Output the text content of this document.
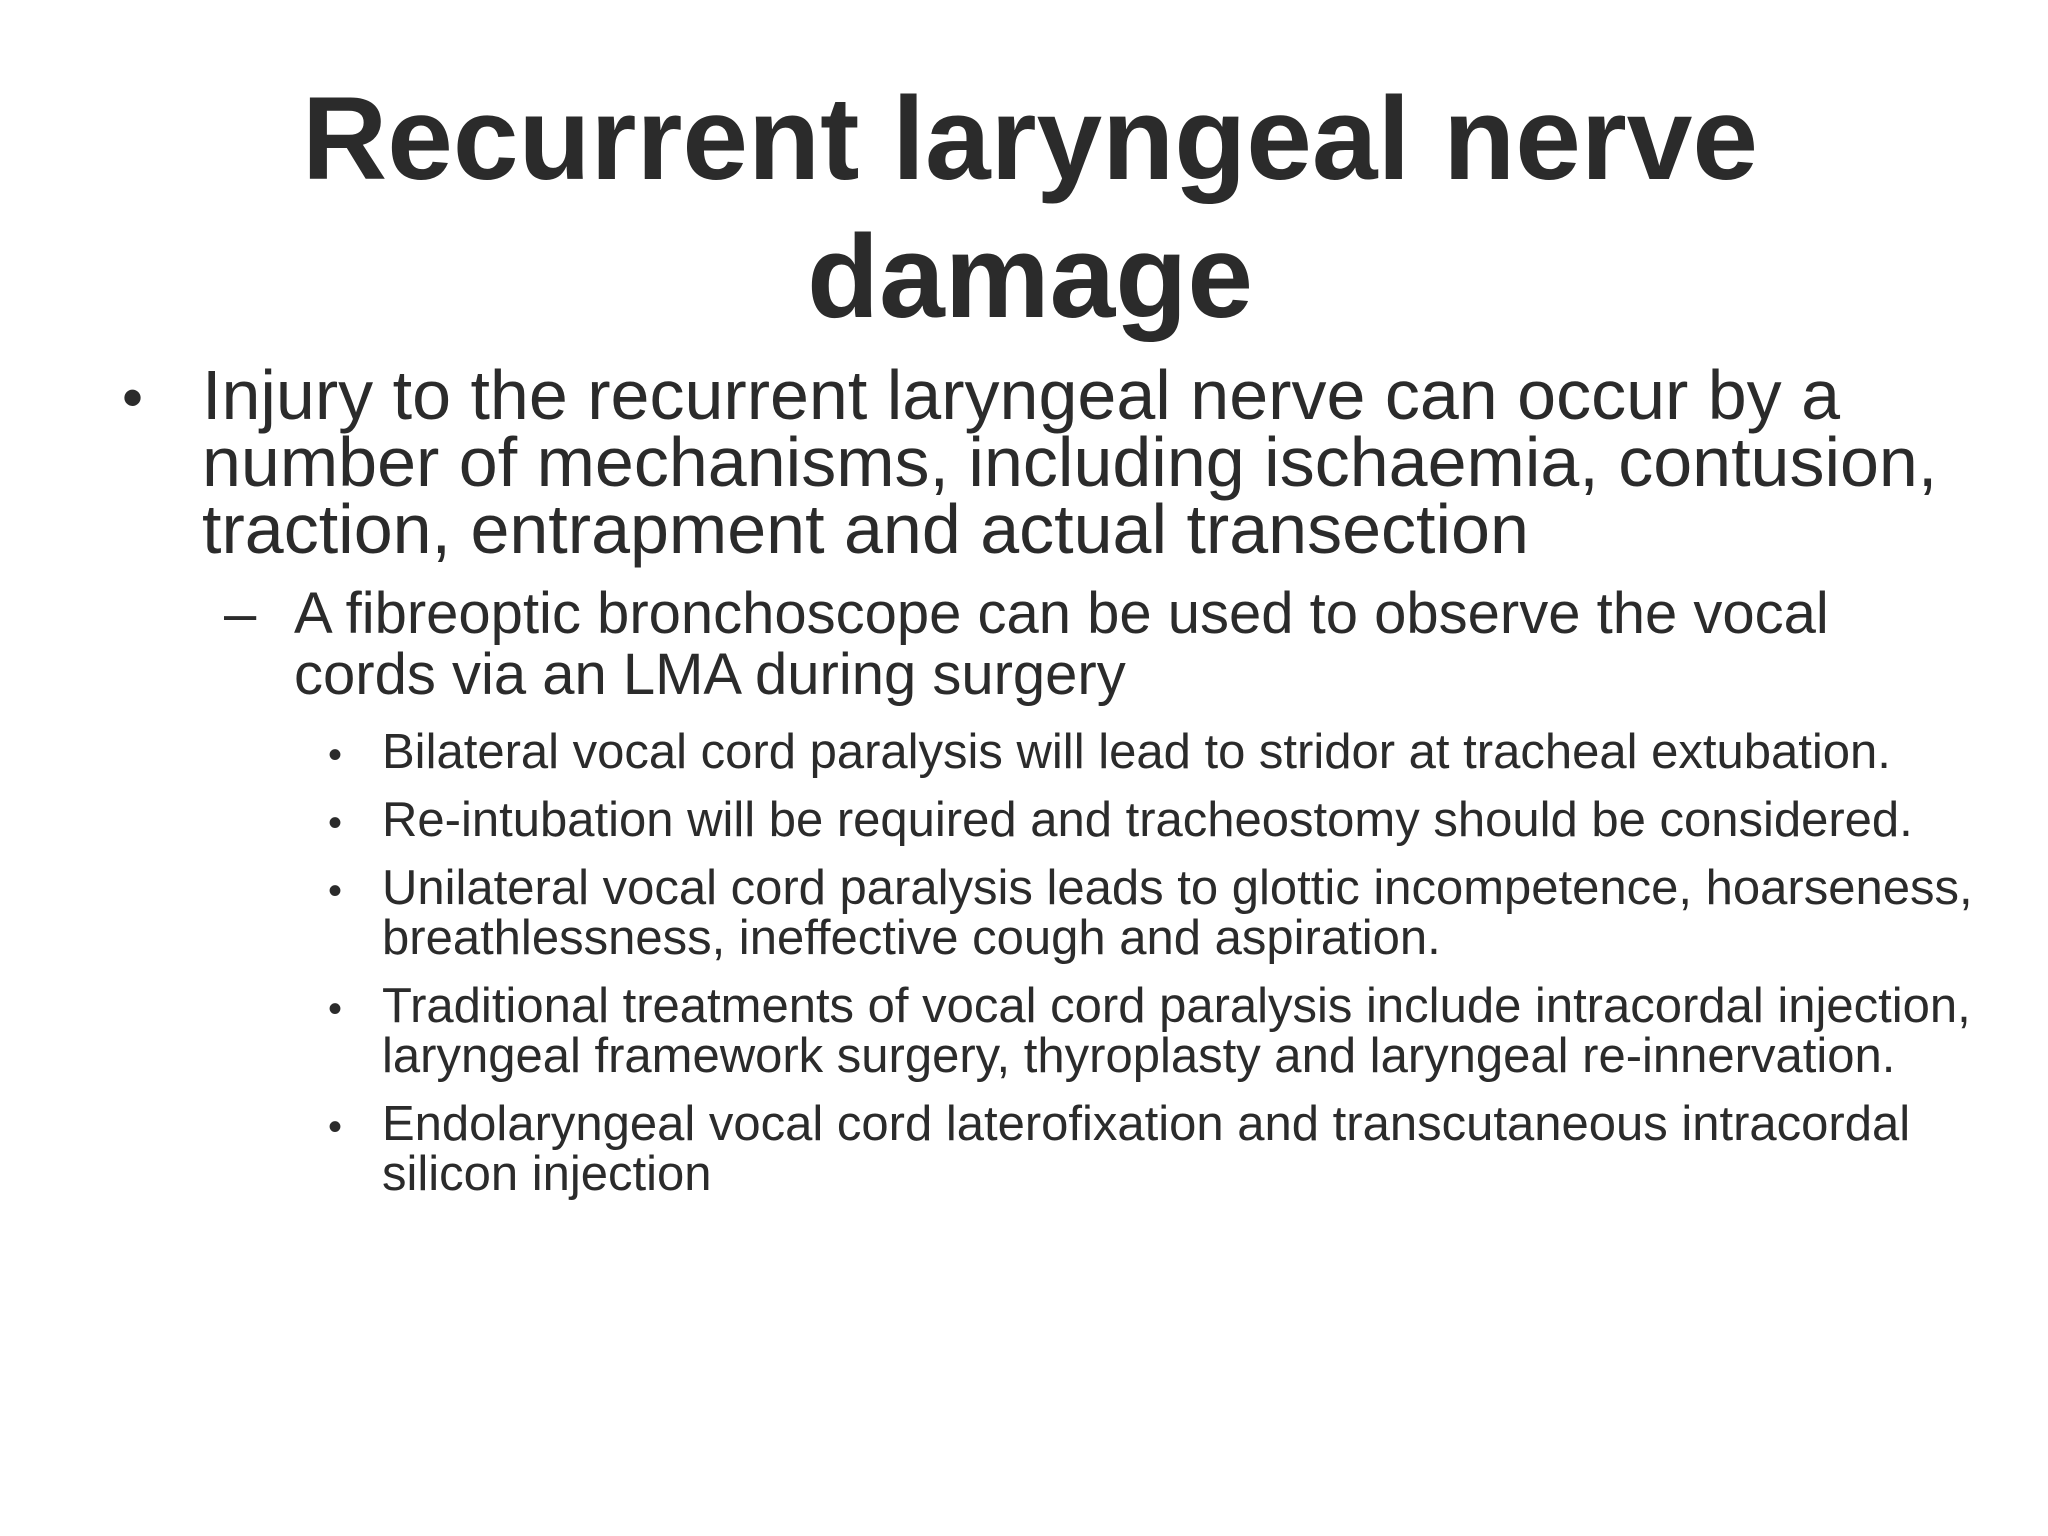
Recurrent laryngeal nerve damage
• Injury to the recurrent laryngeal nerve can occur by a number of mechanisms, including ischaemia, contusion, traction, entrapment and actual transection
– A fibreoptic bronchoscope can be used to observe the vocal cords via an LMA during surgery
• Bilateral vocal cord paralysis will lead to stridor at tracheal extubation.
• Re-intubation will be required and tracheostomy should be considered.
• Unilateral vocal cord paralysis leads to glottic incompetence, hoarseness, breathlessness, ineffective cough and aspiration.
• Traditional treatments of vocal cord paralysis include intracordal injection, laryngeal framework surgery, thyroplasty and laryngeal re-innervation.
• Endolaryngeal vocal cord laterofixation and transcutaneous intracordal silicon injection
